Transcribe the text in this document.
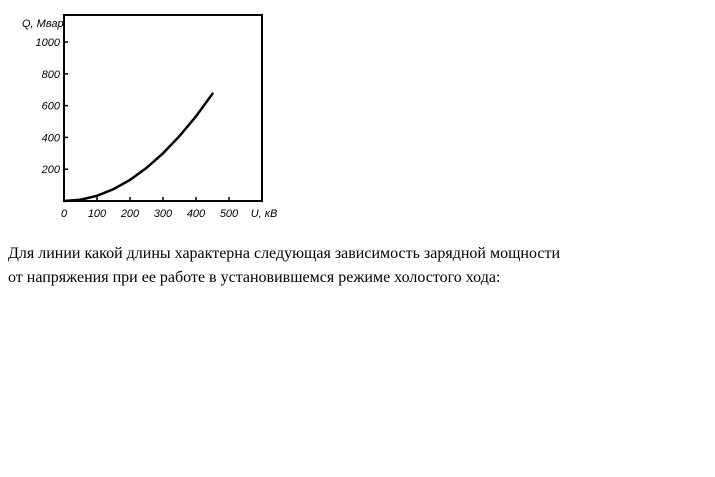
200
400
600
800
1000
0 100 200 300 400 500
Q, Мвар
U, кВ

Для линии какой длины характерна следующая зависимость зарядной мощности
от напряжения при ее работе в установившемся режиме холостого хода:
